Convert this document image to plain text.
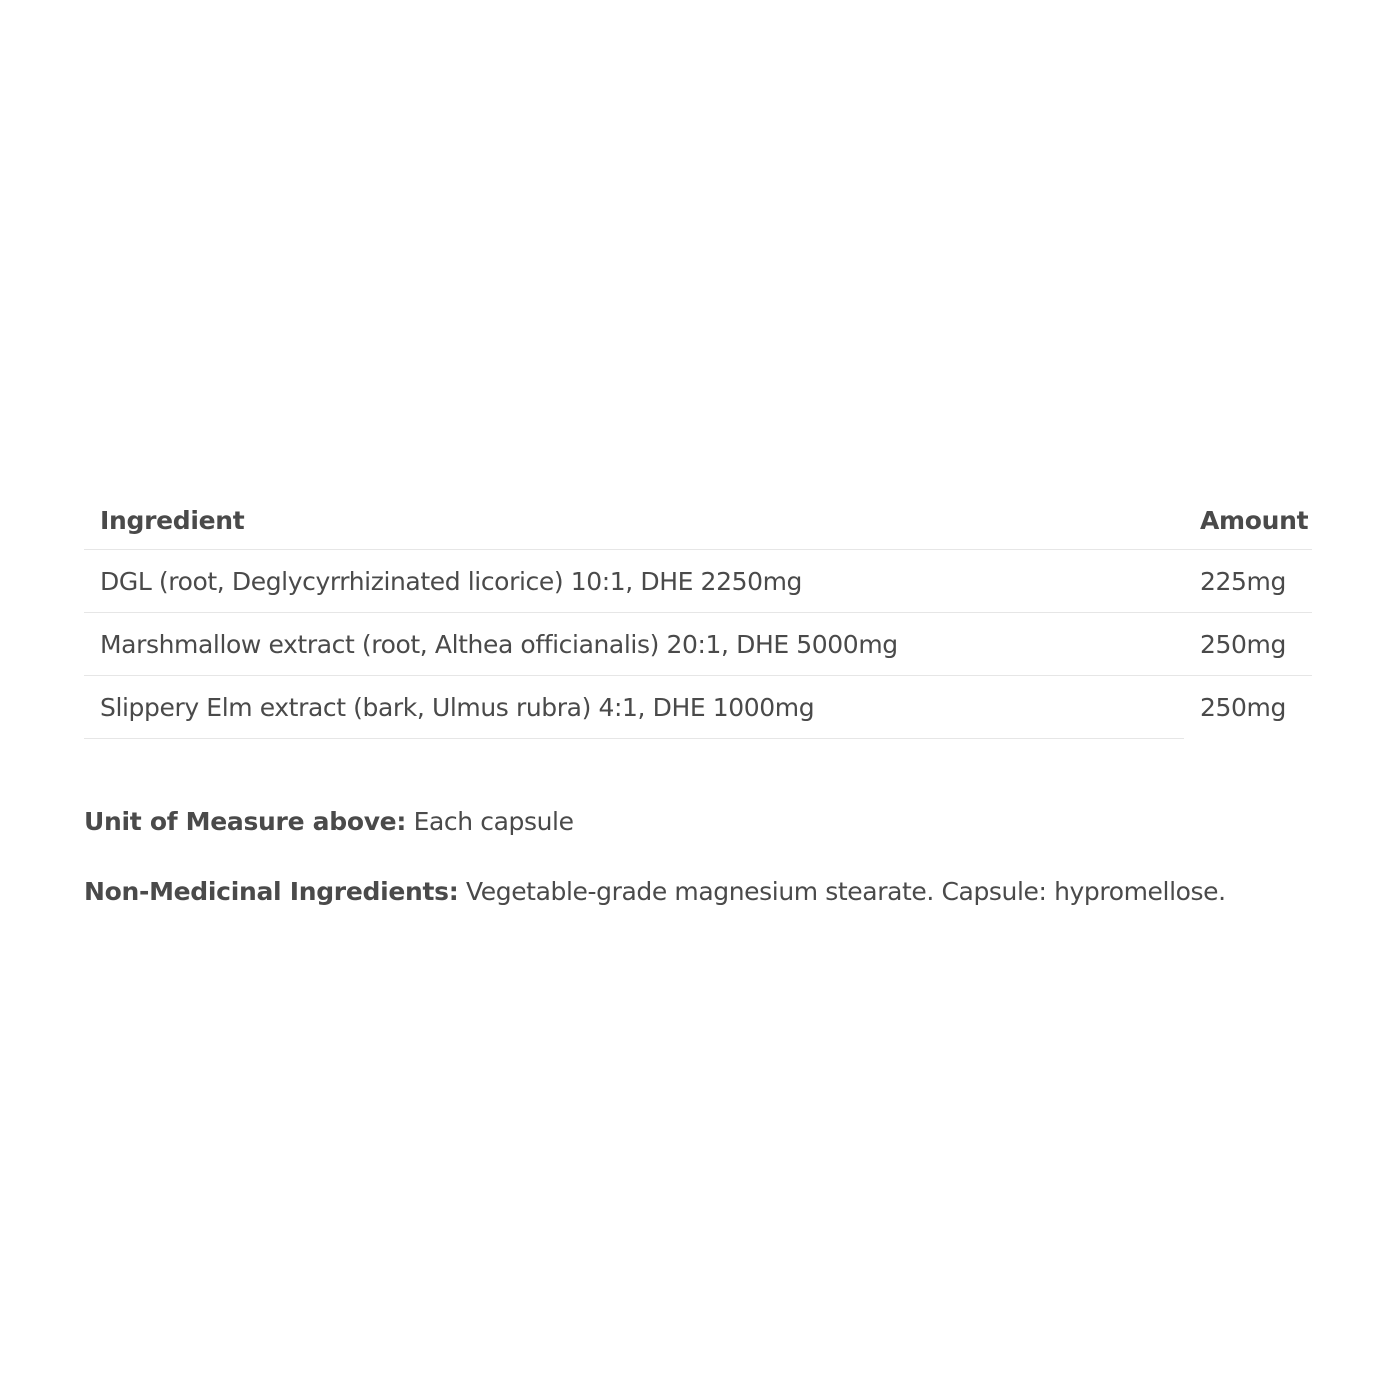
Ingredient	Amount
DGL (root, Deglycyrrhizinated licorice) 10:1, DHE 2250mg	225mg
Marshmallow extract (root, Althea officianalis) 20:1, DHE 5000mg	250mg
Slippery Elm extract (bark, Ulmus rubra) 4:1, DHE 1000mg	250mg

Unit of Measure above: Each capsule

Non-Medicinal Ingredients: Vegetable-grade magnesium stearate. Capsule: hypromellose.
